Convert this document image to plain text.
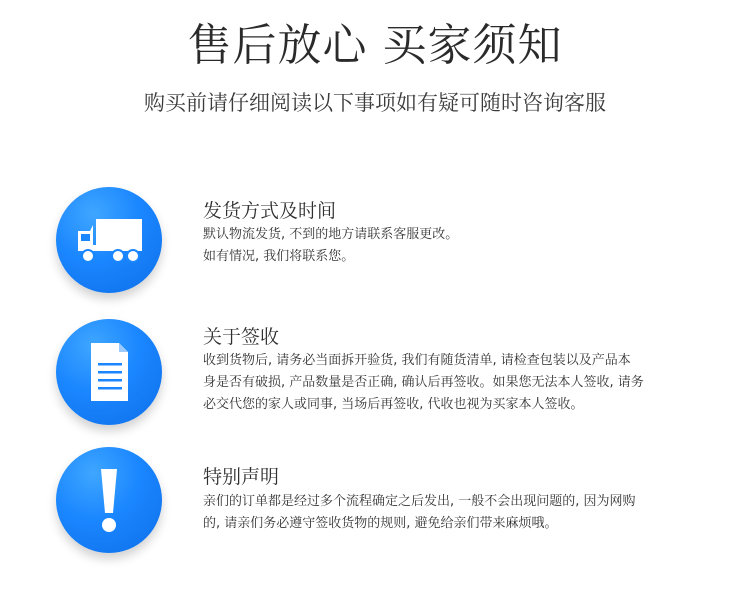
售后放心 买家须知
购买前请仔细阅读以下事项如有疑可随时咨询客服
发货方式及时间

默认物流发货, 不到的地方请联系客服更改。

如有情况, 我们将联系您。

关于签收

收到货物后, 请务必当面拆开验货, 我们有随货清单, 请检查包装以及产品本

身是否有破损, 产品数量是否正确, 确认后再签收。如果您无法本人签收, 请务

必交代您的家人或同事, 当场后再签收, 代收也视为买家本人签收。

特别声明

亲们的订单都是经过多个流程确定之后发出, 一般不会出现问题的, 因为网购

的, 请亲们务必遵守签收货物的规则, 避免给亲们带来麻烦哦。
